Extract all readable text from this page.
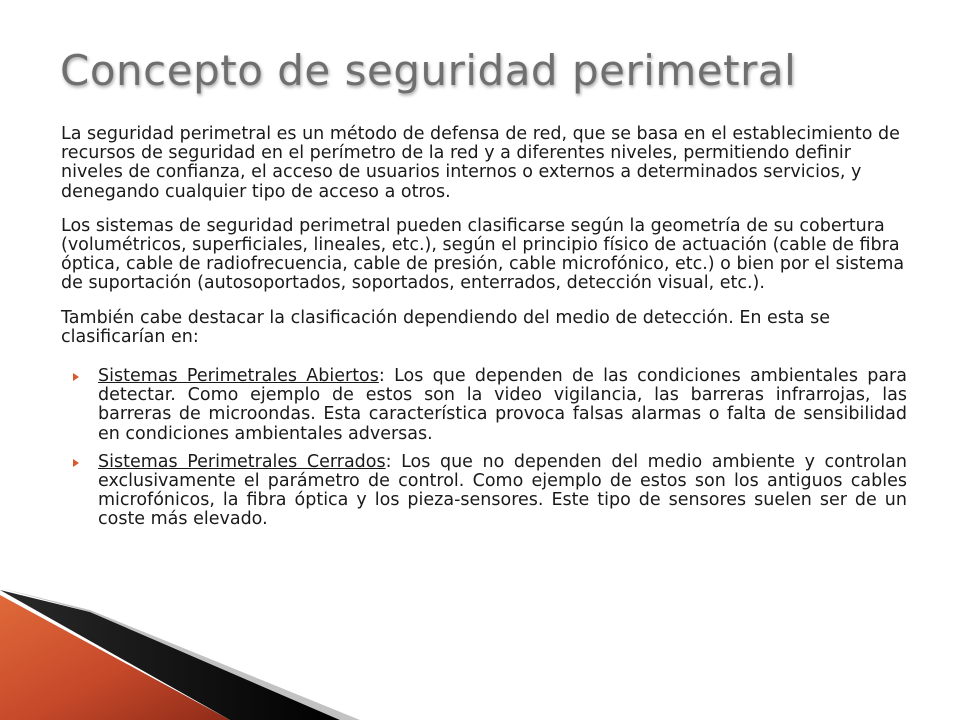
Concepto de seguridad perimetral

La seguridad perimetral es un método de defensa de red, que se basa en el establecimiento de recursos de seguridad en el perímetro de la red y a diferentes niveles, permitiendo definir niveles de confianza, el acceso de usuarios internos o externos a determinados servicios, y denegando cualquier tipo de acceso a otros.

Los sistemas de seguridad perimetral pueden clasificarse según la geometría de su cobertura (volumétricos, superficiales, lineales, etc.), según el principio físico de actuación (cable de fibra óptica, cable de radiofrecuencia, cable de presión, cable microfónico, etc.) o bien por el sistema de suportación (autosoportados, soportados, enterrados, detección visual, etc.).

También cabe destacar la clasificación dependiendo del medio de detección. En esta se clasificarían en:

Sistemas Perimetrales Abiertos: Los que dependen de las condiciones ambientales para detectar. Como ejemplo de estos son la video vigilancia, las barreras infrarrojas, las barreras de microondas. Esta característica provoca falsas alarmas o falta de sensibilidad en condiciones ambientales adversas.
Sistemas Perimetrales Cerrados: Los que no dependen del medio ambiente y controlan exclusivamente el parámetro de control. Como ejemplo de estos son los antiguos cables microfónicos, la fibra óptica y los pieza-sensores. Este tipo de sensores suelen ser de un coste más elevado.
